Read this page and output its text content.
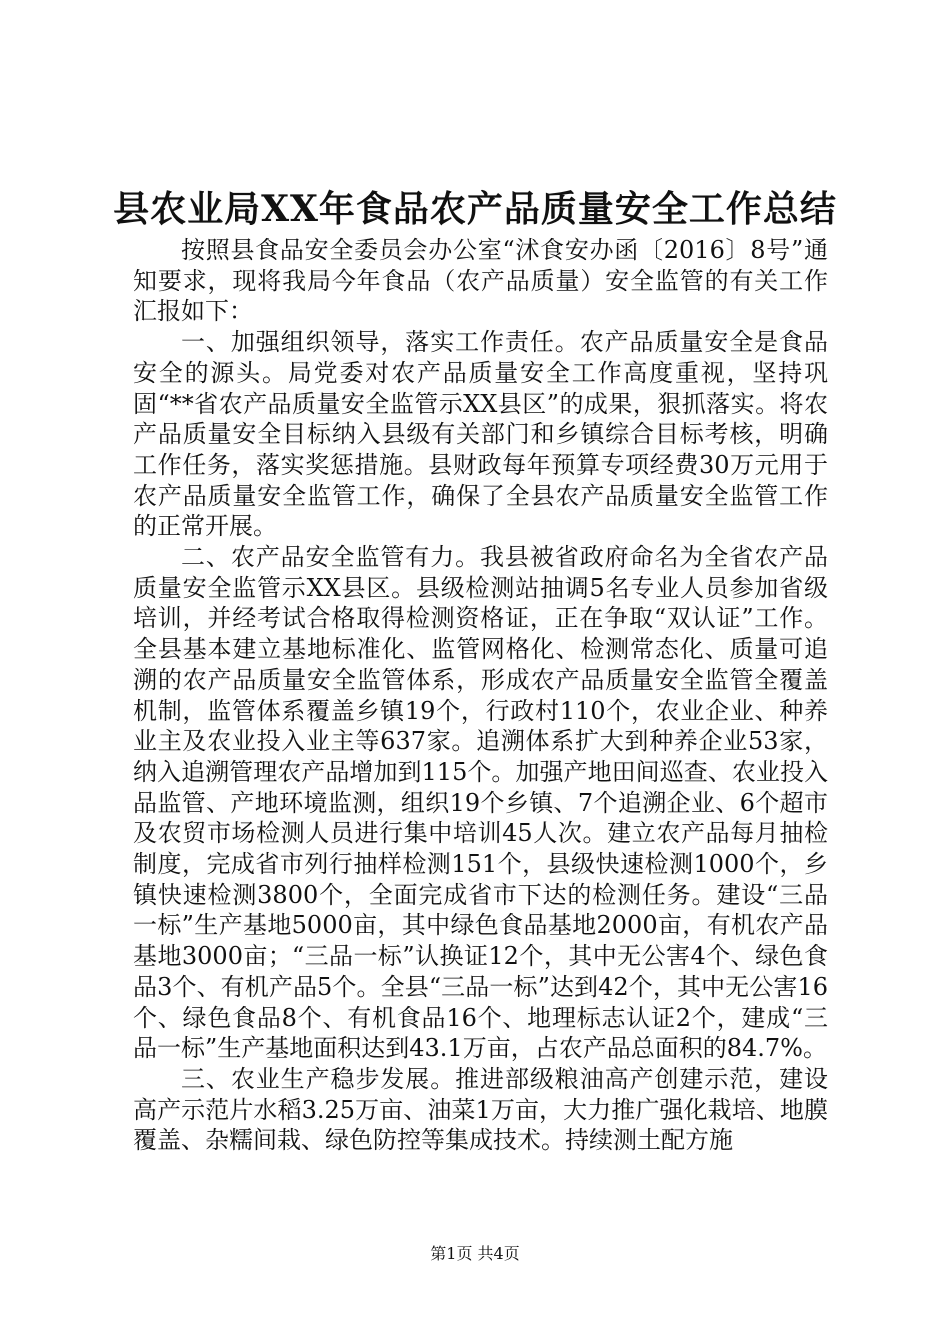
县农业局XX年食品农产品质量安全工作总结

按照县食品安全委员会办公室“沭食安办函〔2016〕8号”通知要求，现将我局今年食品（农产品质量）安全监管的有关工作汇报如下：

一、加强组织领导，落实工作责任。农产品质量安全是食品安全的源头。局党委对农产品质量安全工作高度重视，坚持巩固“**省农产品质量安全监管示XX县区”的成果，狠抓落实。将农产品质量安全目标纳入县级有关部门和乡镇综合目标考核，明确工作任务，落实奖惩措施。县财政每年预算专项经费30万元用于农产品质量安全监管工作，确保了全县农产品质量安全监管工作的正常开展。

二、农产品安全监管有力。我县被省政府命名为全省农产品质量安全监管示XX县区。县级检测站抽调5名专业人员参加省级培训，并经考试合格取得检测资格证，正在争取“双认证”工作。全县基本建立基地标准化、监管网格化、检测常态化、质量可追溯的农产品质量安全监管体系，形成农产品质量安全监管全覆盖机制，监管体系覆盖乡镇19个，行政村110个，农业企业、种养业主及农业投入业主等637家。追溯体系扩大到种养企业53家，纳入追溯管理农产品增加到115个。加强产地田间巡查、农业投入品监管、产地环境监测，组织19个乡镇、7个追溯企业、6个超市及农贸市场检测人员进行集中培训45人次。建立农产品每月抽检制度，完成省市列行抽样检测151个，县级快速检测1000个，乡镇快速检测3800个，全面完成省市下达的检测任务。建设“三品一标”生产基地5000亩，其中绿色食品基地2000亩，有机农产品基地3000亩；“三品一标”认换证12个，其中无公害4个、绿色食品3个、有机产品5个。全县“三品一标”达到42个，其中无公害16个、绿色食品8个、有机食品16个、地理标志认证2个，建成“三品一标”生产基地面积达到43.1万亩，占农产品总面积的84.7%。

三、农业生产稳步发展。推进部级粮油高产创建示范，建设高产示范片水稻3.25万亩、油菜1万亩，大力推广强化栽培、地膜覆盖、杂糯间栽、绿色防控等集成技术。持续测土配方施

第1页 共4页
